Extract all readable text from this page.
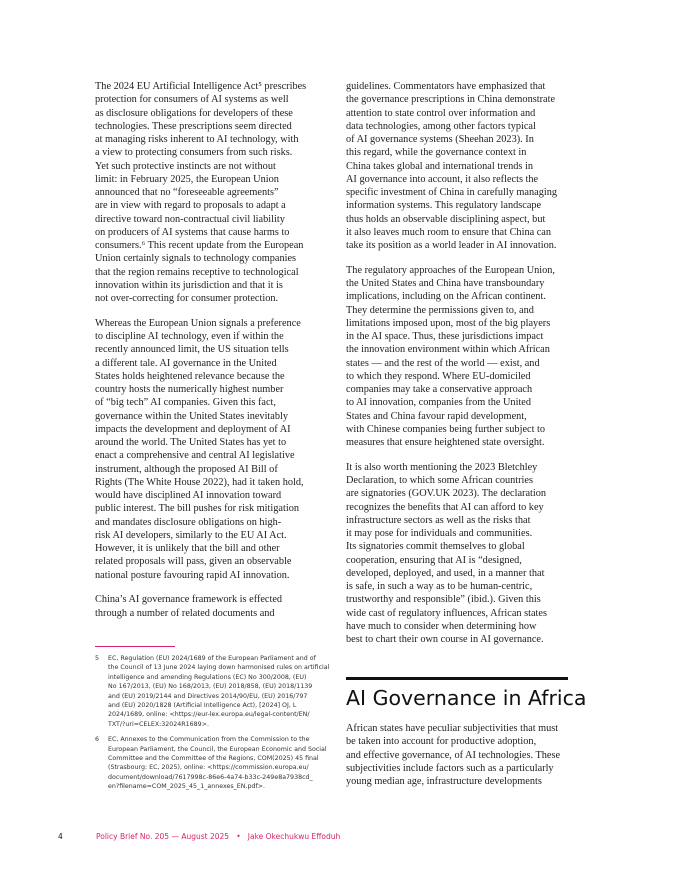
The 2024 EU Artificial Intelligence Act⁵ prescribes
protection for consumers of AI systems as well
as disclosure obligations for developers of these
technologies. These prescriptions seem directed
at managing risks inherent to AI technology, with
a view to protecting consumers from such risks.
Yet such protective instincts are not without
limit: in February 2025, the European Union
announced that no “foreseeable agreements”
are in view with regard to proposals to adapt a
directive toward non-contractual civil liability
on producers of AI systems that cause harms to
consumers.⁶ This recent update from the European
Union certainly signals to technology companies
that the region remains receptive to technological
innovation within its jurisdiction and that it is
not over-correcting for consumer protection.

Whereas the European Union signals a preference
to discipline AI technology, even if within the
recently announced limit, the US situation tells
a different tale. AI governance in the United
States holds heightened relevance because the
country hosts the numerically highest number
of “big tech” AI companies. Given this fact,
governance within the United States inevitably
impacts the development and deployment of AI
around the world. The United States has yet to
enact a comprehensive and central AI legislative
instrument, although the proposed AI Bill of
Rights (The White House 2022), had it taken hold,
would have disciplined AI innovation toward
public interest. The bill pushes for risk mitigation
and mandates disclosure obligations on high-
risk AI developers, similarly to the EU AI Act.
However, it is unlikely that the bill and other
related proposals will pass, given an observable
national posture favouring rapid AI innovation.

China’s AI governance framework is effected
through a number of related documents and

5	EC, Regulation (EU) 2024/1689 of the European Parliament and of
the Council of 13 June 2024 laying down harmonised rules on artificial
intelligence and amending Regulations (EC) No 300/2008, (EU)
No 167/2013, (EU) No 168/2013, (EU) 2018/858, (EU) 2018/1139
and (EU) 2019/2144 and Directives 2014/90/EU, (EU) 2016/797
and (EU) 2020/1828 (Artificial Intelligence Act), [2024] OJ, L
2024/1689, online: <https://eur-lex.europa.eu/legal-content/EN/
TXT/?uri=CELEX:32024R1689>.
6	EC, Annexes to the Communication from the Commission to the
European Parliament, the Council, the European Economic and Social
Committee and the Committee of the Regions, COM(2025) 45 final
(Strasbourg: EC, 2025), online: <https://commission.europa.eu/
document/download/7617998c-86e6-4a74-b33c-249e8a7938cd_
en?filename=COM_2025_45_1_annexes_EN.pdf>.

guidelines. Commentators have emphasized that
the governance prescriptions in China demonstrate
attention to state control over information and
data technologies, among other factors typical
of AI governance systems (Sheehan 2023). In
this regard, while the governance context in
China takes global and international trends in
AI governance into account, it also reflects the
specific investment of China in carefully managing
information systems. This regulatory landscape
thus holds an observable disciplining aspect, but
it also leaves much room to ensure that China can
take its position as a world leader in AI innovation.

The regulatory approaches of the European Union,
the United States and China have transboundary
implications, including on the African continent.
They determine the permissions given to, and
limitations imposed upon, most of the big players
in the AI space. Thus, these jurisdictions impact
the innovation environment within which African
states — and the rest of the world — exist, and
to which they respond. Where EU-domiciled
companies may take a conservative approach
to AI innovation, companies from the United
States and China favour rapid development,
with Chinese companies being further subject to
measures that ensure heightened state oversight.

It is also worth mentioning the 2023 Bletchley
Declaration, to which some African countries
are signatories (GOV.UK 2023). The declaration
recognizes the benefits that AI can afford to key
infrastructure sectors as well as the risks that
it may pose for individuals and communities.
Its signatories commit themselves to global
cooperation, ensuring that AI is “designed,
developed, deployed, and used, in a manner that
is safe, in such a way as to be human-centric,
trustworthy and responsible” (ibid.). Given this
wide cast of regulatory influences, African states
have much to consider when determining how
best to chart their own course in AI governance.

AI Governance in Africa

African states have peculiar subjectivities that must
be taken into account for productive adoption,
and effective governance, of AI technologies. These
subjectivities include factors such as a particularly
young median age, infrastructure developments

4	Policy Brief No. 205 — August 2025   •   Jake Okechukwu Effoduh
